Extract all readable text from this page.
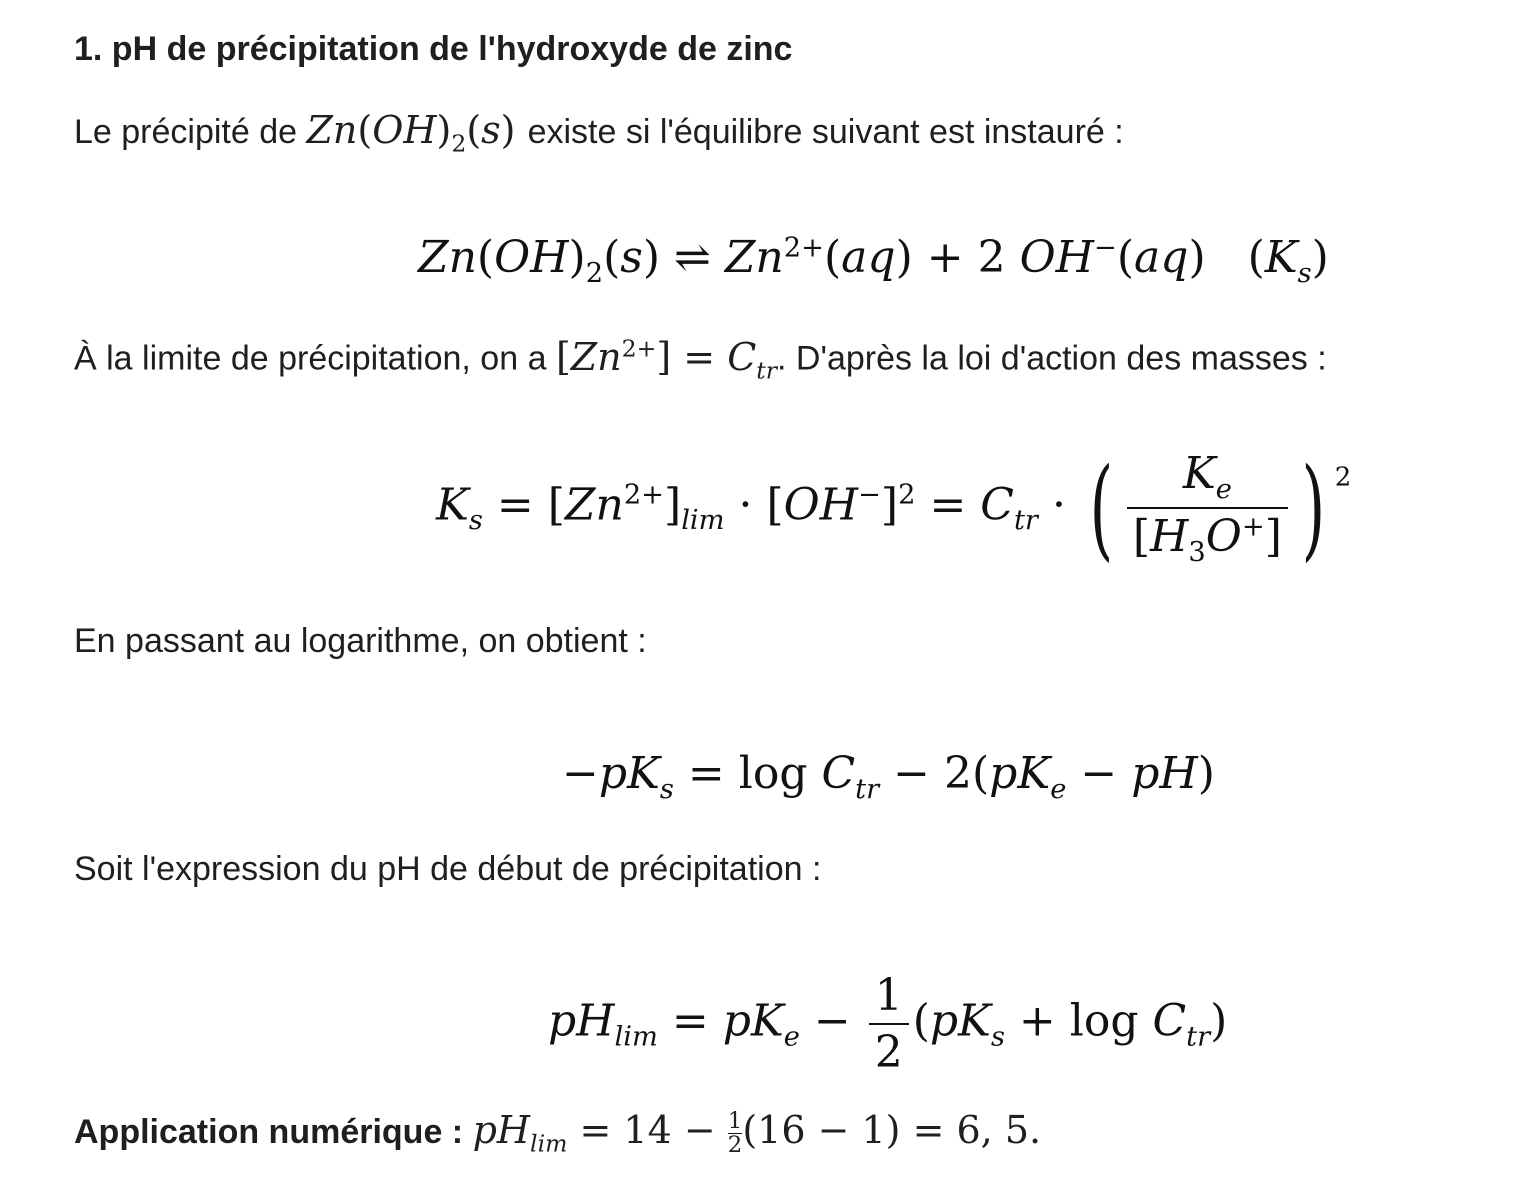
1. pH de précipitation de l'hydroxyde de zinc
Le précipité de $Zn(OH)_2(s)$ existe si l'équilibre suivant est instauré :
$Zn(OH)_2(s)$ ⇌ $Zn^{2+}(aq) + 2$ OH−(aq)   $(K_s)$
À la limite de précipitation, on a $[Zn^{2+}] = C_{tr}$. D'après la loi d'action des masses :
$K_s = [Zn^{2+}]_{lim} \cdot [OH^-]^2 = C_{tr}$ · ( $\frac{K_e}{[H_3O^+]}$ ) $^2$
En passant au logarithme, on obtient :
$-pK_s = \log C_{tr} - 2(pK_e - pH)$
Soit l'expression du pH de début de précipitation :
$pH_{lim} = pK_e - \frac{1}{2} (pK_s + \log C_{tr})$
Application numérique : $pH_{lim} = 14 - \frac{1}{2} (16 - 1) = 6$, 5.
